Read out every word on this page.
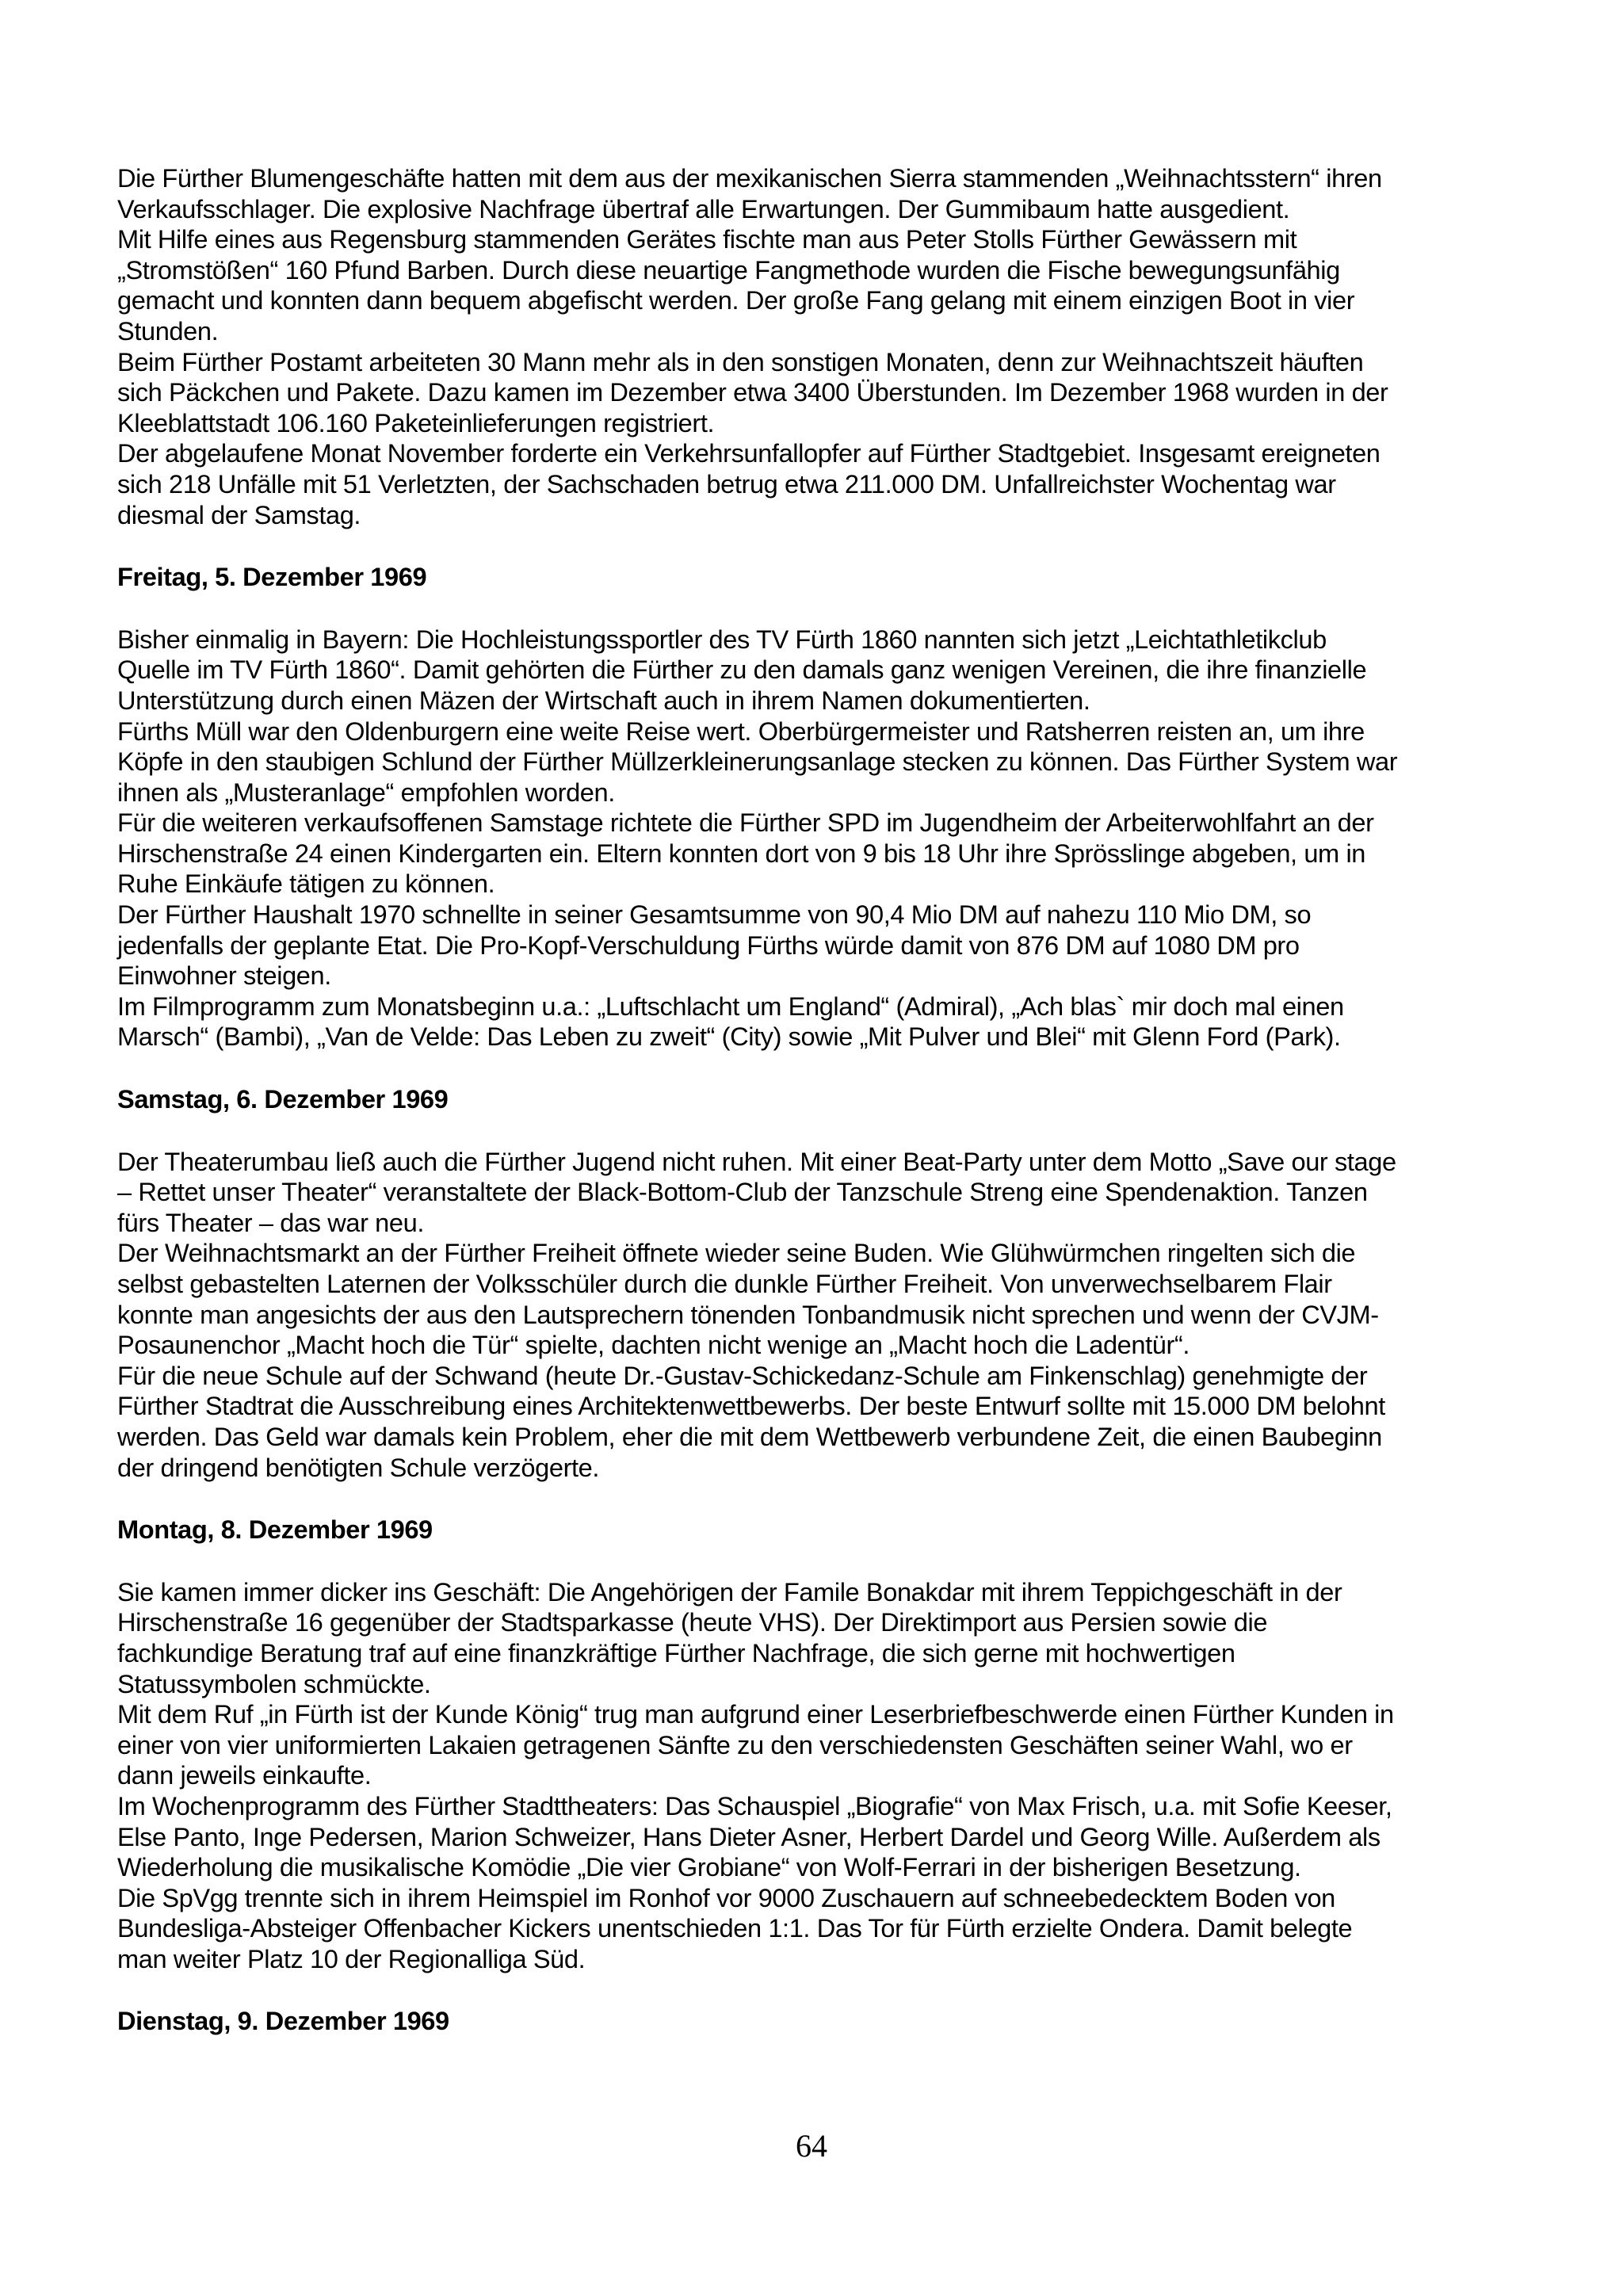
Die Fürther Blumengeschäfte hatten mit dem aus der mexikanischen Sierra stammenden „Weihnachtsstern“ ihren
Verkaufsschlager. Die explosive Nachfrage übertraf alle Erwartungen. Der Gummibaum hatte ausgedient.
Mit Hilfe eines aus Regensburg stammenden Gerätes fischte man aus Peter Stolls Fürther Gewässern mit
„Stromstößen“ 160 Pfund Barben. Durch diese neuartige Fangmethode wurden die Fische bewegungsunfähig
gemacht und konnten dann bequem abgefischt werden. Der große Fang gelang mit einem einzigen Boot in vier
Stunden.
Beim Fürther Postamt arbeiteten 30 Mann mehr als in den sonstigen Monaten, denn zur Weihnachtszeit häuften
sich Päckchen und Pakete. Dazu kamen im Dezember etwa 3400 Überstunden. Im Dezember 1968 wurden in der
Kleeblattstadt 106.160 Paketeinlieferungen registriert.
Der abgelaufene Monat November forderte ein Verkehrsunfallopfer auf Fürther Stadtgebiet. Insgesamt ereigneten
sich 218 Unfälle mit 51 Verletzten, der Sachschaden betrug etwa 211.000 DM. Unfallreichster Wochentag war
diesmal der Samstag.
Freitag, 5. Dezember 1969
Bisher einmalig in Bayern: Die Hochleistungssportler des TV Fürth 1860 nannten sich jetzt „Leichtathletikclub
Quelle im TV Fürth 1860“. Damit gehörten die Fürther zu den damals ganz wenigen Vereinen, die ihre finanzielle
Unterstützung durch einen Mäzen der Wirtschaft auch in ihrem Namen dokumentierten.
Fürths Müll war den Oldenburgern eine weite Reise wert. Oberbürgermeister und Ratsherren reisten an, um ihre
Köpfe in den staubigen Schlund der Fürther Müllzerkleinerungsanlage stecken zu können. Das Fürther System war
ihnen als „Musteranlage“ empfohlen worden.
Für die weiteren verkaufsoffenen Samstage richtete die Fürther SPD im Jugendheim der Arbeiterwohlfahrt an der
Hirschenstraße 24 einen Kindergarten ein. Eltern konnten dort von 9 bis 18 Uhr ihre Sprösslinge abgeben, um in
Ruhe Einkäufe tätigen zu können.
Der Fürther Haushalt 1970 schnellte in seiner Gesamtsumme von 90,4 Mio DM auf nahezu 110 Mio DM, so
jedenfalls der geplante Etat. Die Pro-Kopf-Verschuldung Fürths würde damit von 876 DM auf 1080 DM pro
Einwohner steigen.
Im Filmprogramm zum Monatsbeginn u.a.: „Luftschlacht um England“ (Admiral), „Ach blas` mir doch mal einen
Marsch“ (Bambi), „Van de Velde: Das Leben zu zweit“ (City) sowie „Mit Pulver und Blei“ mit Glenn Ford (Park).
Samstag, 6. Dezember 1969
Der Theaterumbau ließ auch die Fürther Jugend nicht ruhen. Mit einer Beat-Party unter dem Motto „Save our stage
– Rettet unser Theater“ veranstaltete der Black-Bottom-Club der Tanzschule Streng eine Spendenaktion. Tanzen
fürs Theater – das war neu.
Der Weihnachtsmarkt an der Fürther Freiheit öffnete wieder seine Buden. Wie Glühwürmchen ringelten sich die
selbst gebastelten Laternen der Volksschüler durch die dunkle Fürther Freiheit. Von unverwechselbarem Flair
konnte man angesichts der aus den Lautsprechern tönenden Tonbandmusik nicht sprechen und wenn der CVJM-
Posaunenchor „Macht hoch die Tür“ spielte, dachten nicht wenige an „Macht hoch die Ladentür“.
Für die neue Schule auf der Schwand (heute Dr.-Gustav-Schickedanz-Schule am Finkenschlag) genehmigte der
Fürther Stadtrat die Ausschreibung eines Architektenwettbewerbs. Der beste Entwurf sollte mit 15.000 DM belohnt
werden. Das Geld war damals kein Problem, eher die mit dem Wettbewerb verbundene Zeit, die einen Baubeginn
der dringend benötigten Schule verzögerte.
Montag, 8. Dezember 1969
Sie kamen immer dicker ins Geschäft: Die Angehörigen der Famile Bonakdar mit ihrem Teppichgeschäft in der
Hirschenstraße 16 gegenüber der Stadtsparkasse (heute VHS). Der Direktimport aus Persien sowie die
fachkundige Beratung traf auf eine finanzkräftige Fürther Nachfrage, die sich gerne mit hochwertigen
Statussymbolen schmückte.
Mit dem Ruf „in Fürth ist der Kunde König“ trug man aufgrund einer Leserbriefbeschwerde einen Fürther Kunden in
einer von vier uniformierten Lakaien getragenen Sänfte zu den verschiedensten Geschäften seiner Wahl, wo er
dann jeweils einkaufte.
Im Wochenprogramm des Fürther Stadttheaters: Das Schauspiel „Biografie“ von Max Frisch, u.a. mit Sofie Keeser,
Else Panto, Inge Pedersen, Marion Schweizer, Hans Dieter Asner, Herbert Dardel und Georg Wille. Außerdem als
Wiederholung die musikalische Komödie „Die vier Grobiane“ von Wolf-Ferrari in der bisherigen Besetzung.
Die SpVgg trennte sich in ihrem Heimspiel im Ronhof vor 9000 Zuschauern auf schneebedecktem Boden von
Bundesliga-Absteiger Offenbacher Kickers unentschieden 1:1. Das Tor für Fürth erzielte Ondera. Damit belegte
man weiter Platz 10 der Regionalliga Süd.
Dienstag, 9. Dezember 1969
64
